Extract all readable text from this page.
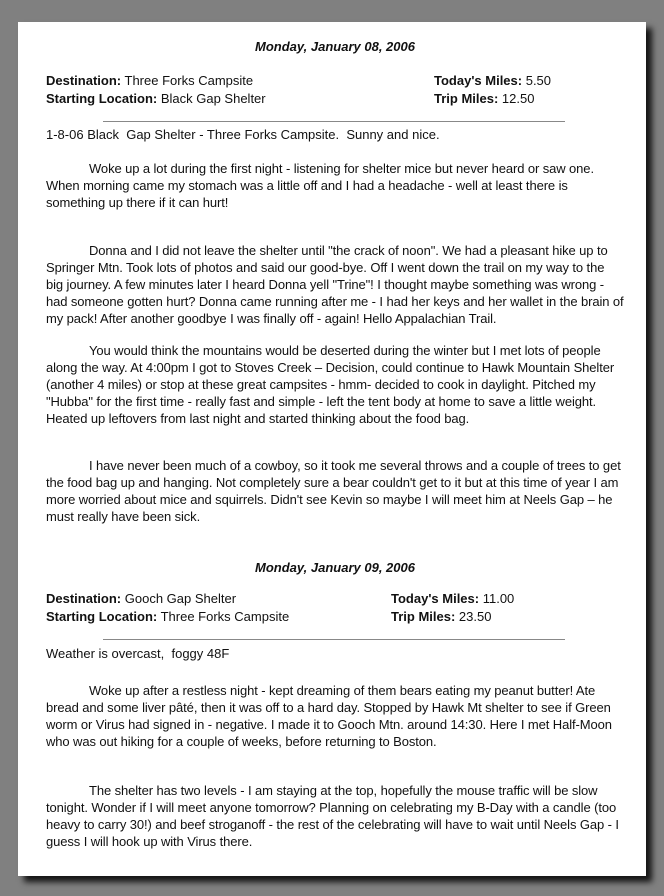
Monday, January 08, 2006
Destination: Three Forks Campsite
Starting Location: Black Gap Shelter
Today's Miles: 5.50
Trip Miles: 12.50
1-8-06 Black  Gap Shelter - Three Forks Campsite.  Sunny and nice.
Woke up a lot during the first night - listening for shelter mice but never heard or saw one. When morning came my stomach was a little off and I had a headache - well at least there is something up there if it can hurt!
Donna and I did not leave the shelter until "the crack of noon". We had a pleasant hike up to Springer Mtn. Took lots of photos and said our good-bye. Off I went down the trail on my way to the big journey. A few minutes later I heard Donna yell "Trine"! I thought maybe something was wrong - had someone gotten hurt? Donna came running after me - I had her keys and her wallet in the brain of my pack! After another goodbye I was finally off - again! Hello Appalachian Trail.
You would think the mountains would be deserted during the winter but I met lots of people along the way. At 4:00pm I got to Stoves Creek – Decision, could continue to Hawk Mountain Shelter (another 4 miles) or stop at these great campsites - hmm- decided to cook in daylight. Pitched my "Hubba" for the first time - really fast and simple - left the tent body at home to save a little weight. Heated up leftovers from last night and started thinking about the food bag.
I have never been much of a cowboy, so it took me several throws and a couple of trees to get the food bag up and hanging. Not completely sure a bear couldn't get to it but at this time of year I am more worried about mice and squirrels. Didn't see Kevin so maybe I will meet him at Neels Gap – he must really have been sick.
Monday, January 09, 2006
Destination: Gooch Gap Shelter
Starting Location: Three Forks Campsite
Today's Miles: 11.00
Trip Miles: 23.50
Weather is overcast,  foggy 48F
Woke up after a restless night - kept dreaming of them bears eating my peanut butter! Ate bread and some liver pâté, then it was off to a hard day. Stopped by Hawk Mt shelter to see if Green worm or Virus had signed in - negative. I made it to Gooch Mtn. around 14:30. Here I met Half-Moon who was out hiking for a couple of weeks, before returning to Boston.
The shelter has two levels - I am staying at the top, hopefully the mouse traffic will be slow tonight. Wonder if I will meet anyone tomorrow? Planning on celebrating my B-Day with a candle (too heavy to carry 30!) and beef stroganoff - the rest of the celebrating will have to wait until Neels Gap - I guess I will hook up with Virus there.
